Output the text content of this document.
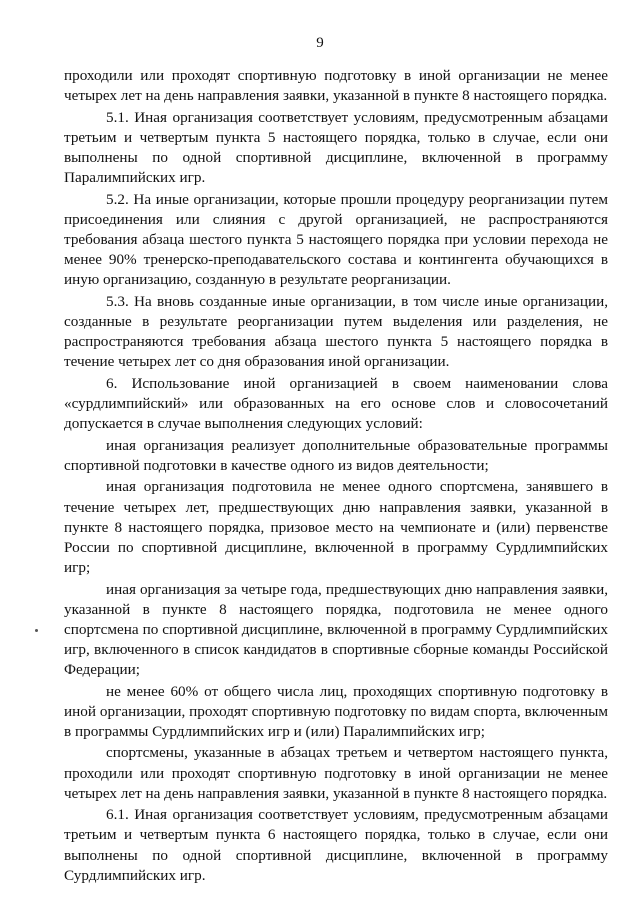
9

проходили или проходят спортивную подготовку в иной организации не менее четырех лет на день направления заявки, указанной в пункте 8 настоящего порядка.

5.1. Иная организация соответствует условиям, предусмотренным абзацами третьим и четвертым пункта 5 настоящего порядка, только в случае, если они выполнены по одной спортивной дисциплине, включенной в программу Паралимпийских игр.

5.2. На иные организации, которые прошли процедуру реорганизации путем присоединения или слияния с другой организацией, не распространяются требования абзаца шестого пункта 5 настоящего порядка при условии перехода не менее 90% тренерско-преподавательского состава и контингента обучающихся в иную организацию, созданную в результате реорганизации.

5.3. На вновь созданные иные организации, в том числе иные организации, созданные в результате реорганизации путем выделения или разделения, не распространяются требования абзаца шестого пункта 5 настоящего порядка в течение четырех лет со дня образования иной организации.

6. Использование иной организацией в своем наименовании слова «сурдлимпийский» или образованных на его основе слов и словосочетаний допускается в случае выполнения следующих условий:

иная организация реализует дополнительные образовательные программы спортивной подготовки в качестве одного из видов деятельности;

иная организация подготовила не менее одного спортсмена, занявшего в течение четырех лет, предшествующих дню направления заявки, указанной в пункте 8 настоящего порядка, призовое место на чемпионате и (или) первенстве России по спортивной дисциплине, включенной в программу Сурдлимпийских игр;

иная организация за четыре года, предшествующих дню направления заявки, указанной в пункте 8 настоящего порядка, подготовила не менее одного спортсмена по спортивной дисциплине, включенной в программу Сурдлимпийских игр, включенного в список кандидатов в спортивные сборные команды Российской Федерации;

не менее 60% от общего числа лиц, проходящих спортивную подготовку в иной организации, проходят спортивную подготовку по видам спорта, включенным в программы Сурдлимпийских игр и (или) Паралимпийских игр;

спортсмены, указанные в абзацах третьем и четвертом настоящего пункта, проходили или проходят спортивную подготовку в иной организации не менее четырех лет на день направления заявки, указанной в пункте 8 настоящего порядка.

6.1. Иная организация соответствует условиям, предусмотренным абзацами третьим и четвертым пункта 6 настоящего порядка, только в случае, если они выполнены по одной спортивной дисциплине, включенной в программу Сурдлимпийских игр.
